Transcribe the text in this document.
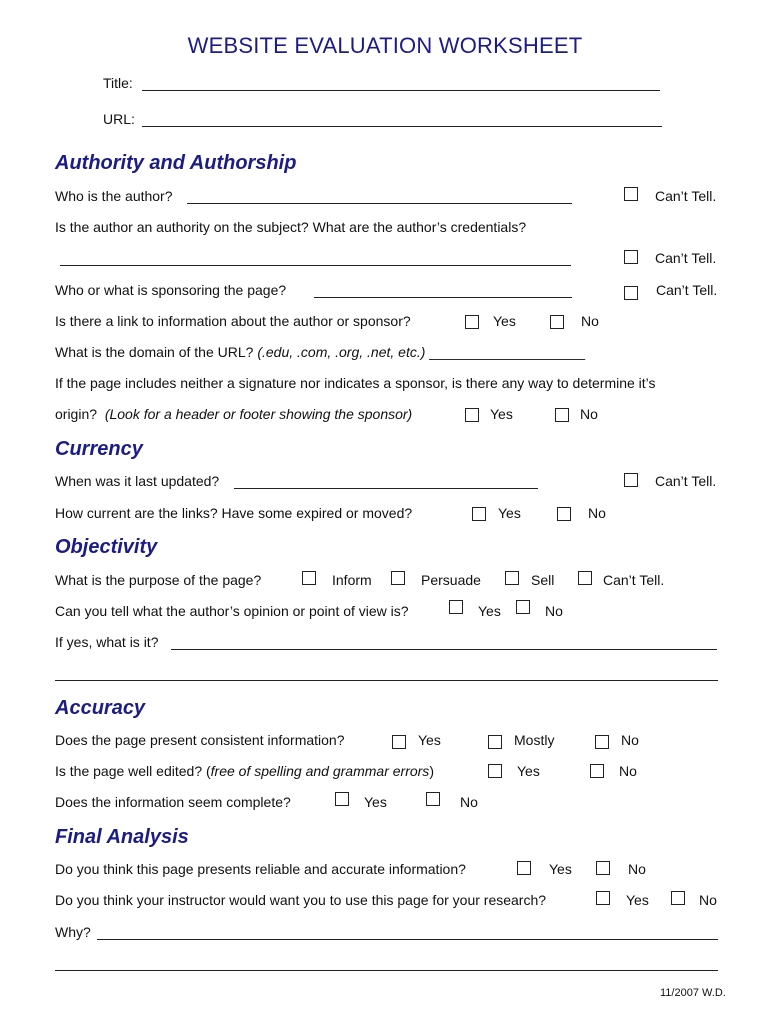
WEBSITE EVALUATION WORKSHEET
Title:
URL:
Authority and Authorship
Who is the author?	Can’t Tell.
Is the author an authority on the subject? What are the author’s credentials?
Can’t Tell.
Who or what is sponsoring the page?	Can’t Tell.
Is there a link to information about the author or sponsor?	Yes	No
What is the domain of the URL? (.edu, .com, .org, .net, etc.) ____________________
If the page includes neither a signature nor indicates a sponsor, is there any way to determine it’s
origin? (Look for a header or footer showing the sponsor)	Yes	No
Currency
When was it last updated?	Can’t Tell.
How current are the links? Have some expired or moved?	Yes	No
Objectivity
What is the purpose of the page?	Inform	Persuade	Sell	Can’t Tell.
Can you tell what the author’s opinion or point of view is?	Yes	No
If yes, what is it?
Accuracy
Does the page present consistent information?	Yes	Mostly	No
Is the page well edited? (free of spelling and grammar errors)	Yes	No
Does the information seem complete?	Yes	No
Final Analysis
Do you think this page presents reliable and accurate information?	Yes	No
Do you think your instructor would want you to use this page for your research?	Yes	No
Why?
11/2007 W.D.
